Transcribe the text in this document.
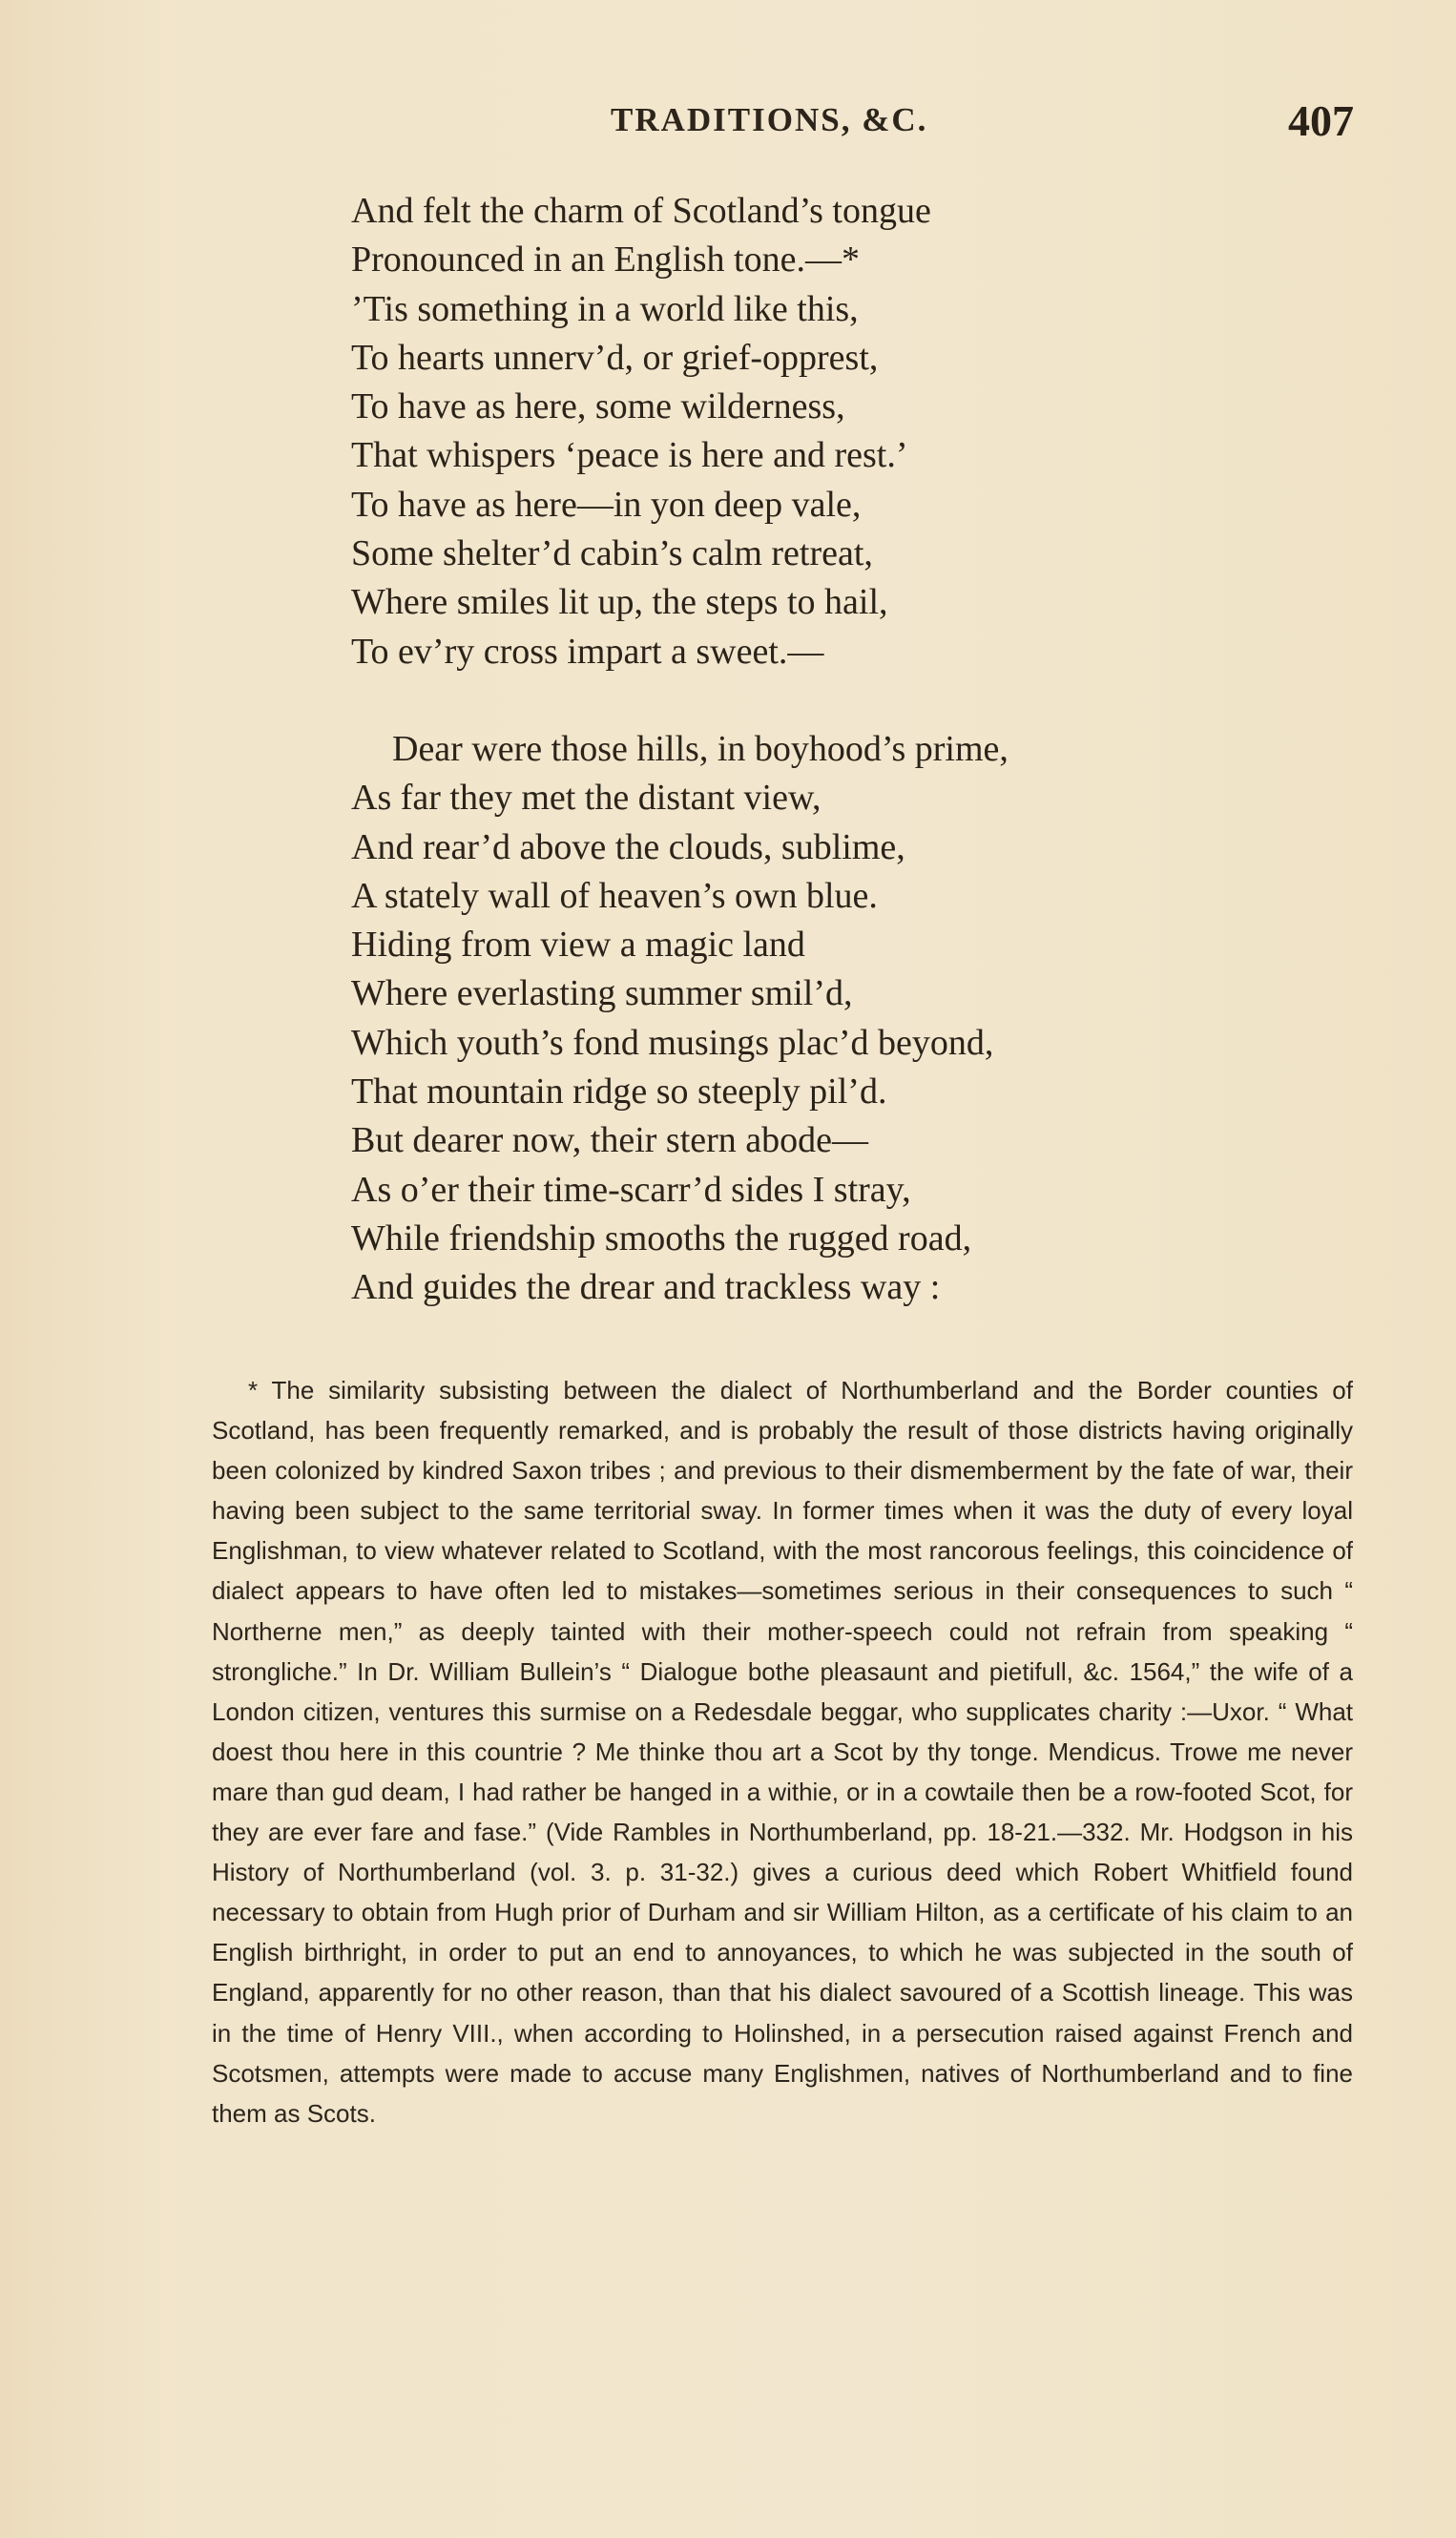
TRADITIONS, &C.	407
And felt the charm of Scotland’s tongue
Pronounced in an English tone.—*
’Tis something in a world like this,
To hearts unnerv’d, or grief-opprest,
To have as here, some wilderness,
That whispers ‘peace is here and rest.’
To have as here—in yon deep vale,
Some shelter’d cabin’s calm retreat,
Where smiles lit up, the steps to hail,
To ev’ry cross impart a sweet.—
Dear were those hills, in boyhood’s prime,
As far they met the distant view,
And rear’d above the clouds, sublime,
A stately wall of heaven’s own blue.
Hiding from view a magic land
Where everlasting summer smil’d,
Which youth’s fond musings plac’d beyond,
That mountain ridge so steeply pil’d.
But dearer now, their stern abode—
As o’er their time-scarr’d sides I stray,
While friendship smooths the rugged road,
And guides the drear and trackless way :

* The similarity subsisting between the dialect of Northumberland and the Border counties of Scotland, has been frequently remarked, and is probably the result of those districts having originally been colonized by kindred Saxon tribes ; and previous to their dismemberment by the fate of war, their having been subject to the same territorial sway. In former times when it was the duty of every loyal Englishman, to view whatever related to Scotland, with the most rancorous feelings, this coincidence of dialect appears to have often led to mistakes—sometimes serious in their consequences to such “ Northerne men,” as deeply tainted with their mother-speech could not refrain from speaking “ strongliche.” In Dr. William Bullein’s “ Dialogue bothe pleasaunt and pietifull, &c. 1564,” the wife of a London citizen, ventures this surmise on a Redesdale beggar, who supplicates charity :—Uxor. “ What doest thou here in this countrie ? Me thinke thou art a Scot by thy tonge. Mendicus. Trowe me never mare than gud deam, I had rather be hanged in a withie, or in a cowtaile then be a row-footed Scot, for they are ever fare and fase.” (Vide Rambles in Northumberland, pp. 18-21.—332. Mr. Hodgson in his History of Northumberland (vol. 3. p. 31-32.) gives a curious deed which Robert Whitfield found necessary to obtain from Hugh prior of Durham and sir William Hilton, as a certificate of his claim to an English birthright, in order to put an end to annoyances, to which he was subjected in the south of England, apparently for no other reason, than that his dialect savoured of a Scottish lineage. This was in the time of Henry VIII., when according to Holinshed, in a persecution raised against French and Scotsmen, attempts were made to accuse many Englishmen, natives of Northumberland and to fine them as Scots.
